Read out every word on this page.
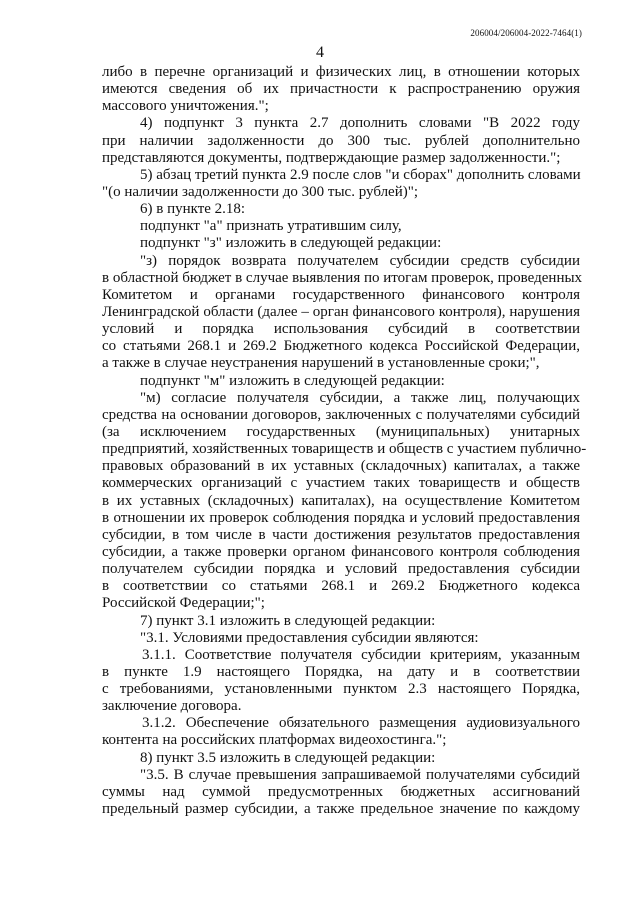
206004/206004-2022-7464(1)
4
либо в перечне организаций и физических лиц, в отношении которых
имеются сведения об их причастности к распространению оружия
массового уничтожения.";
4) подпункт 3 пункта 2.7 дополнить словами "В 2022 году
при наличии задолженности до 300 тыс. рублей дополнительно
представляются документы, подтверждающие размер задолженности.";
5) абзац третий пункта 2.9 после слов "и сборах" дополнить словами
"(о наличии задолженности до 300 тыс. рублей)";
6) в пункте 2.18:
подпункт "а" признать утратившим силу,
подпункт "з" изложить в следующей редакции:
"з) порядок возврата получателем субсидии средств субсидии
в областной бюджет в случае выявления по итогам проверок, проведенных
Комитетом и органами государственного финансового контроля
Ленинградской области (далее – орган финансового контроля), нарушения
условий и порядка использования субсидий в соответствии
со статьями 268.1 и 269.2 Бюджетного кодекса Российской Федерации,
а также в случае неустранения нарушений в установленные сроки;",
подпункт "м" изложить в следующей редакции:
"м) согласие получателя субсидии, а также лиц, получающих
средства на основании договоров, заключенных с получателями субсидий
(за исключением государственных (муниципальных) унитарных
предприятий, хозяйственных товариществ и обществ с участием публично-
правовых образований в их уставных (складочных) капиталах, а также
коммерческих организаций с участием таких товариществ и обществ
в их уставных (складочных) капиталах), на осуществление Комитетом
в отношении их проверок соблюдения порядка и условий предоставления
субсидии, в том числе в части достижения результатов предоставления
субсидии, а также проверки органом финансового контроля соблюдения
получателем субсидии порядка и условий предоставления субсидии
в соответствии со статьями 268.1 и 269.2 Бюджетного кодекса
Российской Федерации;";
7) пункт 3.1 изложить в следующей редакции:
"3.1. Условиями предоставления субсидии являются:
3.1.1. Соответствие получателя субсидии критериям, указанным
в пункте 1.9 настоящего Порядка, на дату и в соответствии
с требованиями, установленными пунктом 2.3 настоящего Порядка,
заключение договора.
3.1.2. Обеспечение обязательного размещения аудиовизуального
контента на российских платформах видеохостинга.";
8) пункт 3.5 изложить в следующей редакции:
"3.5. В случае превышения запрашиваемой получателями субсидий
суммы над суммой предусмотренных бюджетных ассигнований
предельный размер субсидии, а также предельное значение по каждому
